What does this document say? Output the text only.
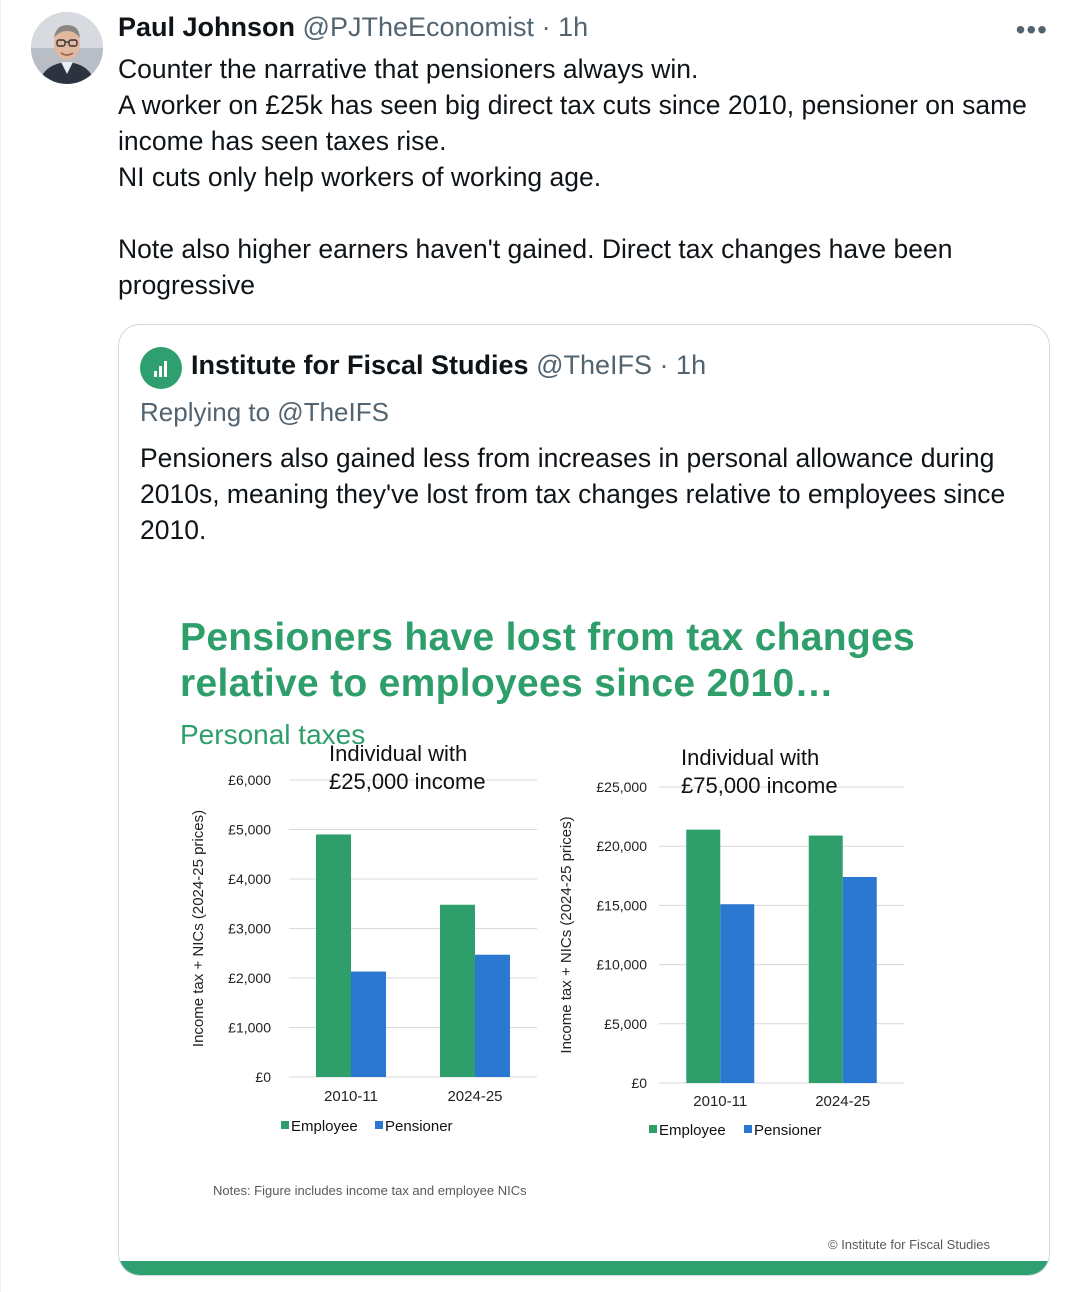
Paul Johnson @PJTheEconomist · 1h	•••

Counter the narrative that pensioners always win.

A worker on £25k has seen big direct tax cuts since 2010, pensioner on same income has seen taxes rise.

NI cuts only help workers of working age.

Note also higher earners haven't gained. Direct tax changes have been progressive

Institute for Fiscal Studies @TheIFS · 1h
Replying to @TheIFS
Pensioners also gained less from increases in personal allowance during 2010s, meaning they've lost from tax changes relative to employees since 2010.
Pensioners have lost from tax changes relative to employees since 2010…
Personal taxes
£0
£1,000
£2,000
£3,000
£4,000
£5,000
£6,000
Income tax + NICs (2024-25 prices)
2010-11	2024-25
Individual with
£25,000 income
Employee Pensioner
£0
£5,000
£10,000
£15,000
£20,000
£25,000
Income tax + NICs (2024-25 prices)
2010-11	2024-25
Individual with
£75,000 income
Employee Pensioner
Notes: Figure includes income tax and employee NICs
© Institute for Fiscal Studies
